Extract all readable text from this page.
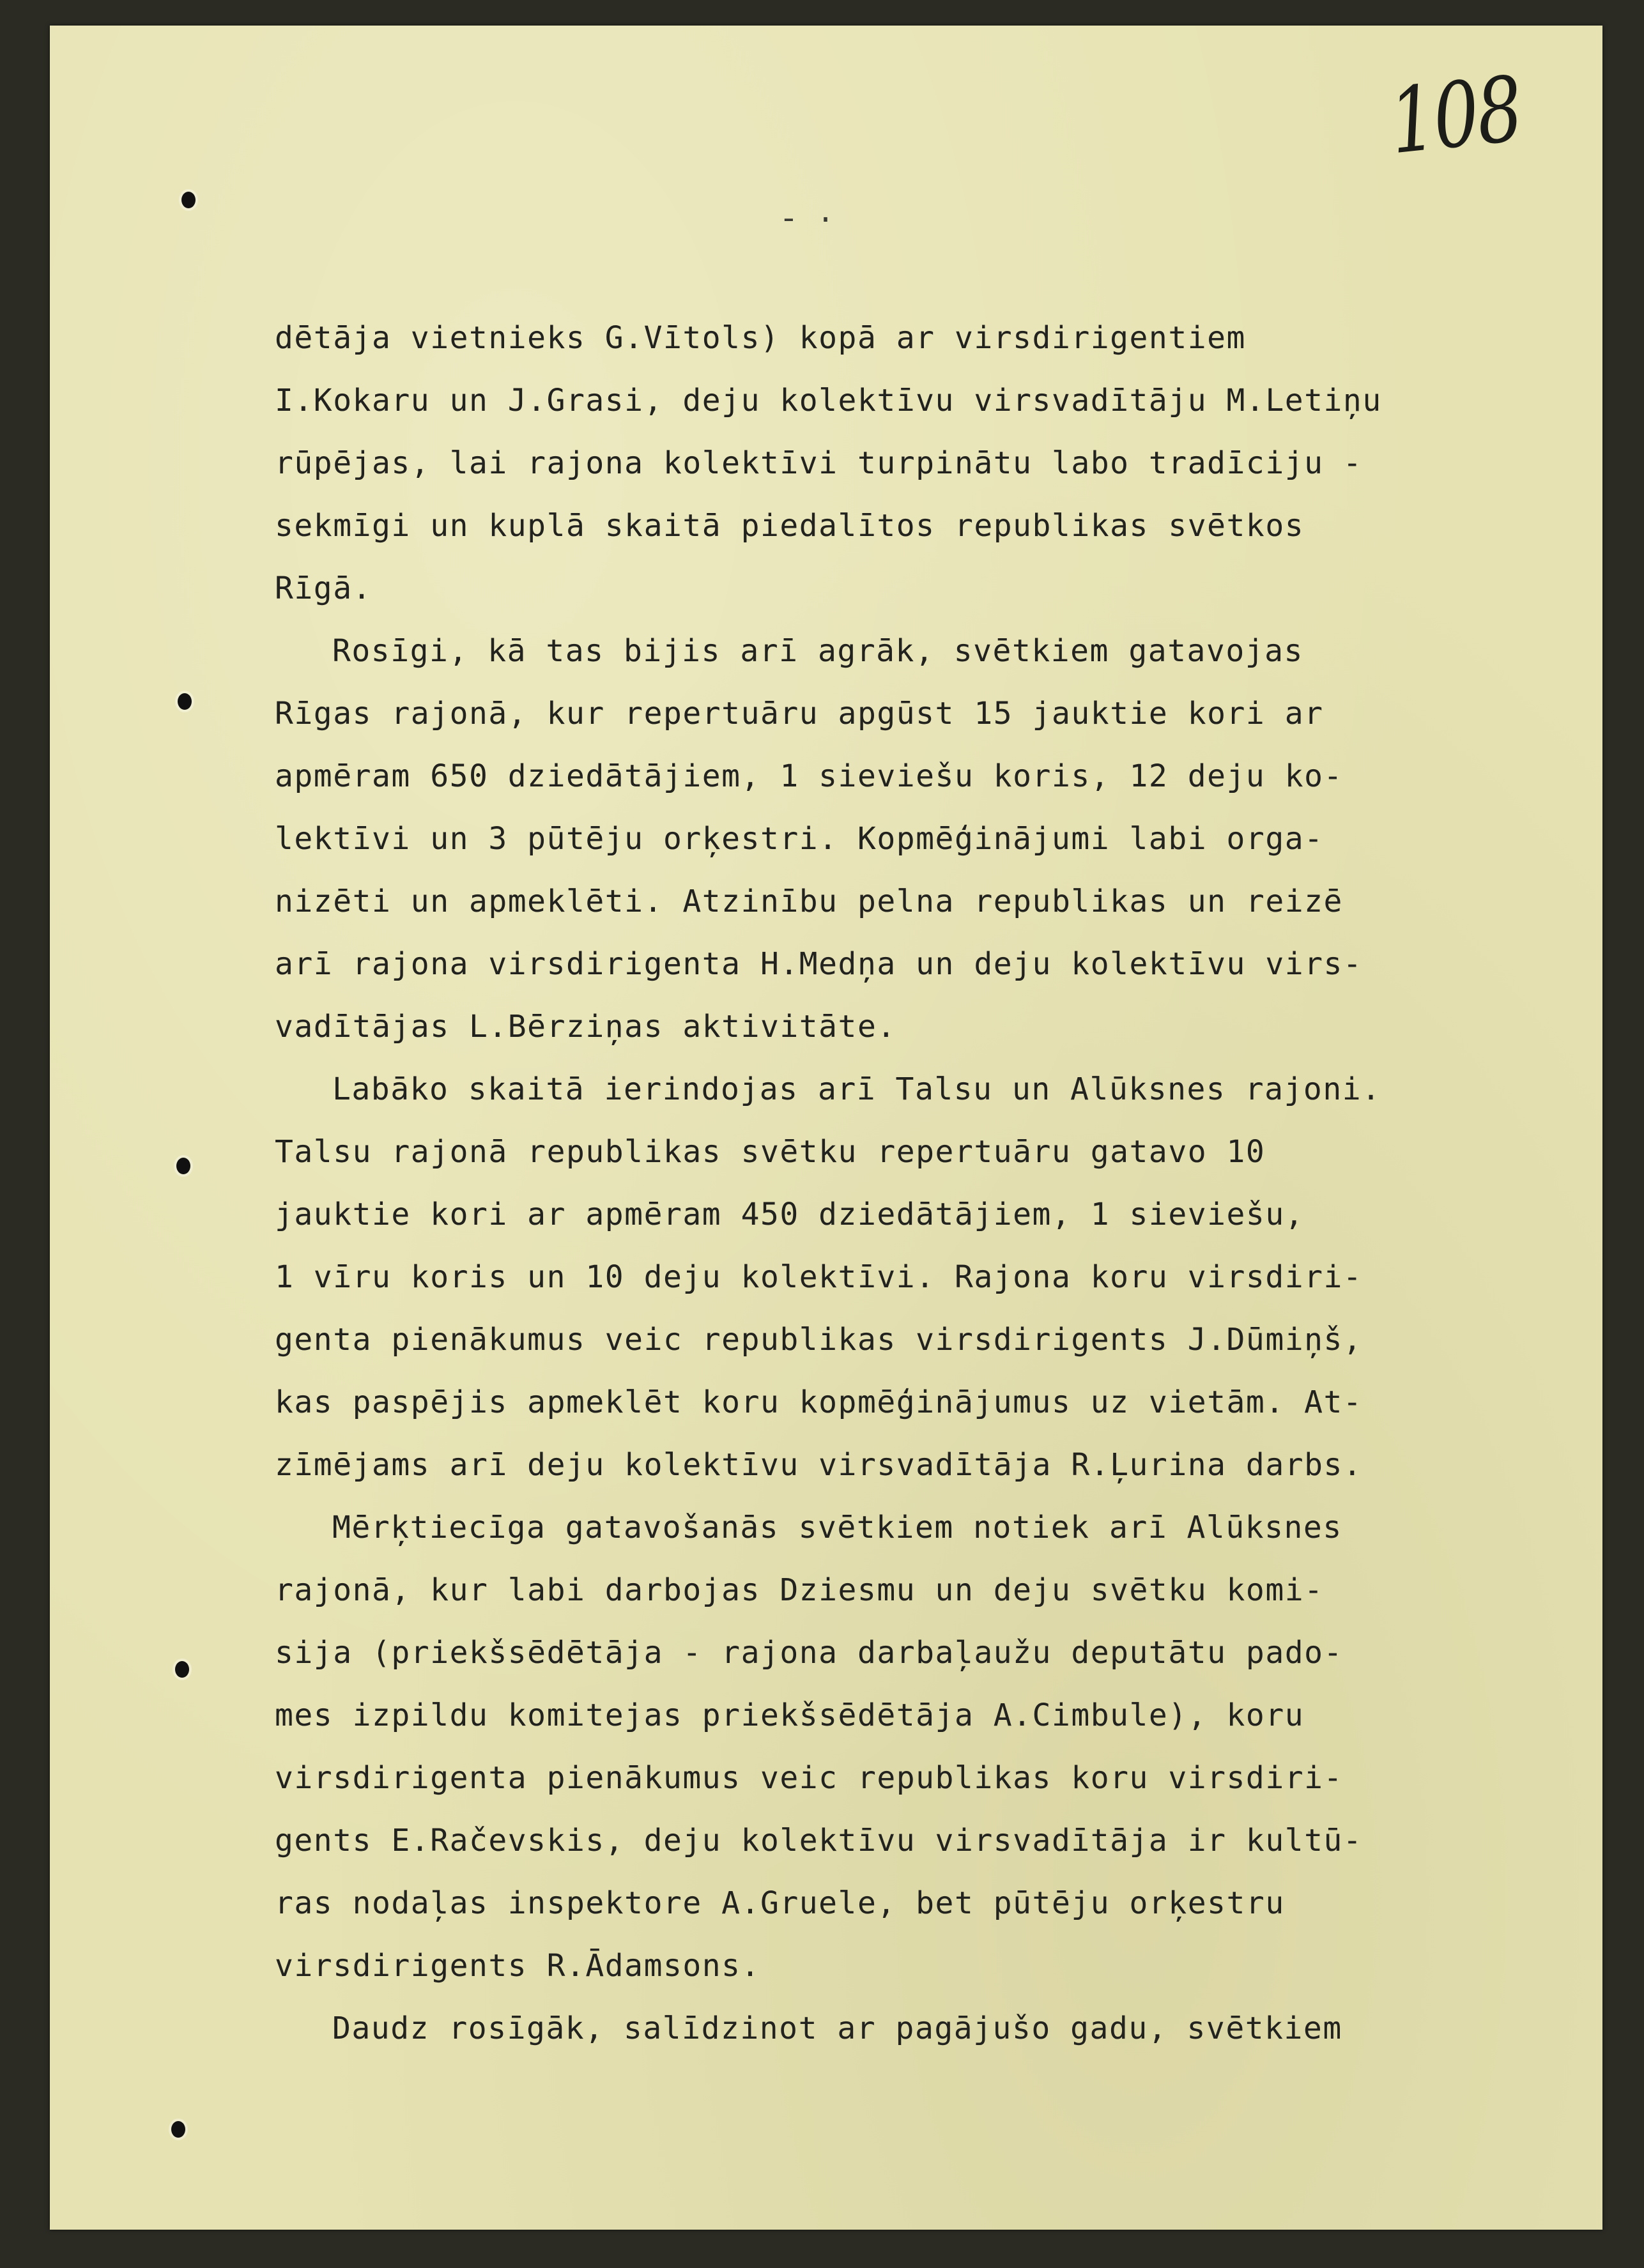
108
- ·
dētāja vietnieks G.Vītols) kopā ar virsdirigentiem
I.Kokaru un J.Grasi, deju kolektīvu virsvadītāju M.Letiņu
rūpējas, lai rajona kolektīvi turpinātu labo tradīciju -
sekmīgi un kuplā skaitā piedalītos republikas svētkos
Rīgā.
Rosīgi, kā tas bijis arī agrāk, svētkiem gatavojas
Rīgas rajonā, kur repertuāru apgūst 15 jauktie kori ar
apmēram 650 dziedātājiem, 1 sieviešu koris, 12 deju ko-
lektīvi un 3 pūtēju orķestri. Kopmēģinājumi labi orga-
nizēti un apmeklēti. Atzinību pelna republikas un reizē
arī rajona virsdirigenta H.Medņa un deju kolektīvu virs-
vadītājas L.Bērziņas aktivitāte.
Labāko skaitā ierindojas arī Talsu un Alūksnes rajoni.
Talsu rajonā republikas svētku repertuāru gatavo 10
jauktie kori ar apmēram 450 dziedātājiem, 1 sieviešu,
1 vīru koris un 10 deju kolektīvi. Rajona koru virsdiri-
genta pienākumus veic republikas virsdirigents J.Dūmiņš,
kas paspējis apmeklēt koru kopmēģinājumus uz vietām. At-
zīmējams arī deju kolektīvu virsvadītāja R.Ļurina darbs.
Mērķtiecīga gatavošanās svētkiem notiek arī Alūksnes
rajonā, kur labi darbojas Dziesmu un deju svētku komi-
sija (priekšsēdētāja - rajona darbaļaužu deputātu pado-
mes izpildu komitejas priekšsēdētāja A.Cimbule), koru
virsdirigenta pienākumus veic republikas koru virsdiri-
gents E.Račevskis, deju kolektīvu virsvadītāja ir kultū-
ras nodaļas inspektore A.Gruele, bet pūtēju orķestru
virsdirigents R.Ādamsons.
Daudz rosīgāk, salīdzinot ar pagājušo gadu, svētkiem
